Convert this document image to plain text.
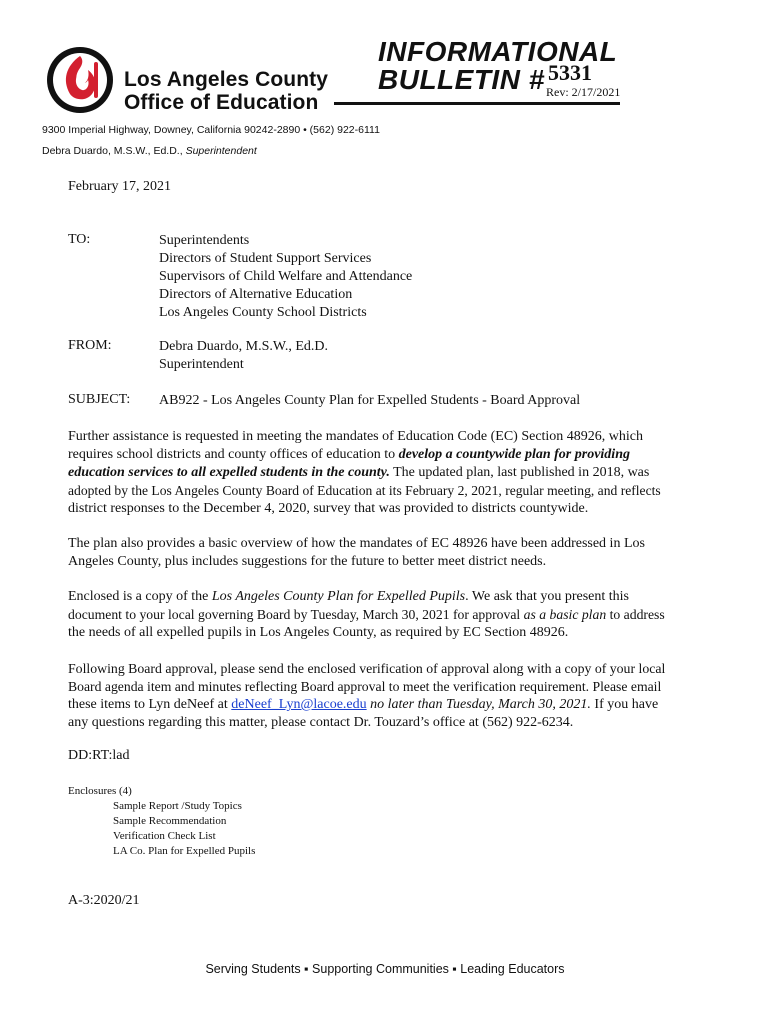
Los Angeles County
Office of Education
INFORMATIONAL
BULLETIN # 5331
Rev: 2/17/2021
9300 Imperial Highway, Downey, California 90242-2890 • (562) 922-6111
Debra Duardo, M.S.W., Ed.D., Superintendent
February 17, 2021
TO:	Superintendents
Directors of Student Support Services
Supervisors of Child Welfare and Attendance
Directors of Alternative Education
Los Angeles County School Districts
FROM:	Debra Duardo, M.S.W., Ed.D.
Superintendent
SUBJECT: AB922 - Los Angeles County Plan for Expelled Students - Board Approval
Further assistance is requested in meeting the mandates of Education Code (EC) Section 48926, which
requires school districts and county offices of education to develop a countywide plan for providing
education services to all expelled students in the county. The updated plan, last published in 2018, was
adopted by the Los Angeles County Board of Education at its February 2, 2021, regular meeting, and reflects
district responses to the December 4, 2020, survey that was provided to districts countywide.
The plan also provides a basic overview of how the mandates of EC 48926 have been addressed in Los
Angeles County, plus includes suggestions for the future to better meet district needs.
Enclosed is a copy of the Los Angeles County Plan for Expelled Pupils. We ask that you present this
document to your local governing Board by Tuesday, March 30, 2021 for approval as a basic plan to address
the needs of all expelled pupils in Los Angeles County, as required by EC Section 48926.
Following Board approval, please send the enclosed verification of approval along with a copy of your local
Board agenda item and minutes reflecting Board approval to meet the verification requirement. Please email
these items to Lyn deNeef at deNeef_Lyn@lacoe.edu no later than Tuesday, March 30, 2021. If you have
any questions regarding this matter, please contact Dr. Touzard’s office at (562) 922-6234.
DD:RT:lad
Enclosures (4)
Sample Report /Study Topics
Sample Recommendation
Verification Check List
LA Co. Plan for Expelled Pupils
A-3:2020/21
Serving Students ▪ Supporting Communities ▪ Leading Educators
